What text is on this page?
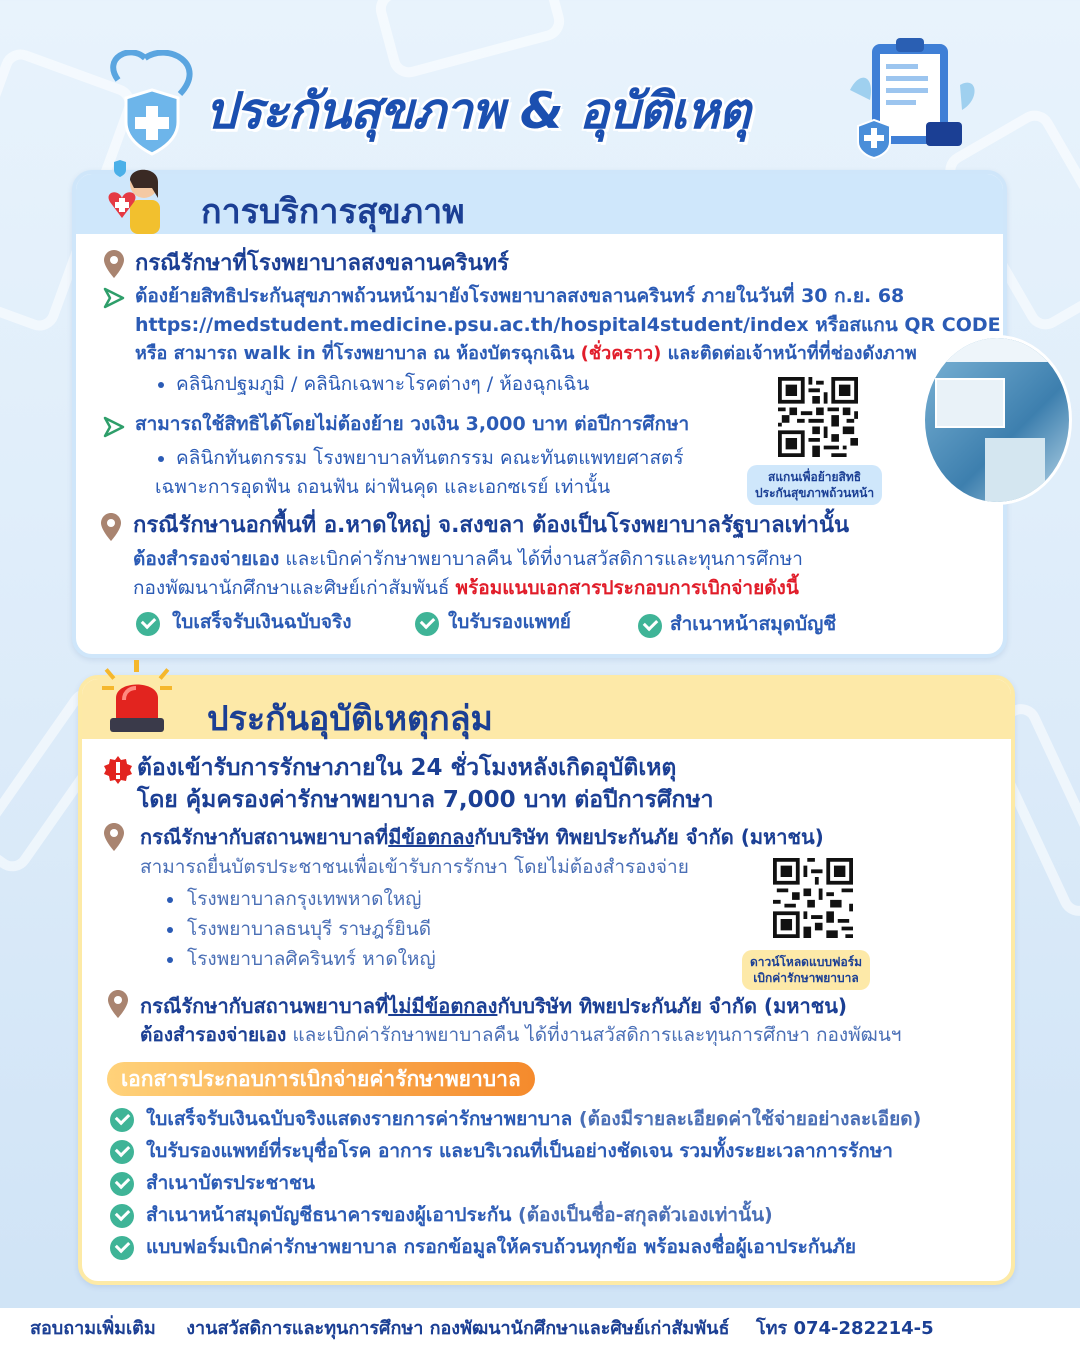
ประกันสุขภาพ & อุบัติเหตุ
การบริการสุขภาพ
กรณีรักษาที่โรงพยาบาลสงขลานครินทร์
ต้องย้ายสิทธิประกันสุขภาพถ้วนหน้ามายังโรงพยาบาลสงขลานครินทร์ ภายในวันที่ 30 ก.ย. 68
https://medstudent.medicine.psu.ac.th/hospital4student/index หรือสแกน QR CODE
หรือ สามารถ walk in ที่โรงพยาบาล ณ ห้องบัตรฉุกเฉิน (ชั่วคราว) และติดต่อเจ้าหน้าที่ที่ช่องดังภาพ
คลินิกปฐมภูมิ / คลินิกเฉพาะโรคต่างๆ / ห้องฉุกเฉิน
สามารถใช้สิทธิได้โดยไม่ต้องย้าย วงเงิน 3,000 บาท ต่อปีการศึกษา
คลินิกทันตกรรม โรงพยาบาลทันตกรรม คณะทันตแพทยศาสตร์
เฉพาะการอุดฟัน ถอนฟัน ผ่าฟันคุด และเอกซเรย์ เท่านั้น	สแกนเพื่อย้ายสิทธิ
ประกันสุขภาพถ้วนหน้า
กรณีรักษานอกพื้นที่ อ.หาดใหญ่ จ.สงขลา ต้องเป็นโรงพยาบาลรัฐบาลเท่านั้น
ต้องสำรองจ่ายเอง และเบิกค่ารักษาพยาบาลคืน ได้ที่งานสวัสดิการและทุนการศึกษา
กองพัฒนานักศึกษาและศิษย์เก่าสัมพันธ์ พร้อมแนบเอกสารประกอบการเบิกจ่ายดังนี้
ใบเสร็จรับเงินฉบับจริง	ใบรับรองแพทย์	สำเนาหน้าสมุดบัญชี
ประกันอุบัติเหตุกลุ่ม
ต้องเข้ารับการรักษาภายใน 24 ชั่วโมงหลังเกิดอุบัติเหตุ
โดย คุ้มครองค่ารักษาพยาบาล 7,000 บาท ต่อปีการศึกษา
กรณีรักษากับสถานพยาบาลที่มีข้อตกลงกับบริษัท ทิพยประกันภัย จำกัด (มหาชน)
สามารถยื่นบัตรประชาชนเพื่อเข้ารับการรักษา โดยไม่ต้องสำรองจ่าย
โรงพยาบาลกรุงเทพหาดใหญ่
โรงพยาบาลธนบุรี ราษฎร์ยินดี
โรงพยาบาลศิครินทร์ หาดใหญ่	ดาวน์โหลดแบบฟอร์ม
เบิกค่ารักษาพยาบาล
กรณีรักษากับสถานพยาบาลที่ไม่มีข้อตกลงกับบริษัท ทิพยประกันภัย จำกัด (มหาชน)
ต้องสำรองจ่ายเอง และเบิกค่ารักษาพยาบาลคืน ได้ที่งานสวัสดิการและทุนการศึกษา กองพัฒนฯ
เอกสารประกอบการเบิกจ่ายค่ารักษาพยาบาล
ใบเสร็จรับเงินฉบับจริงแสดงรายการค่ารักษาพยาบาล (ต้องมีรายละเอียดค่าใช้จ่ายอย่างละเอียด)
ใบรับรองแพทย์ที่ระบุชื่อโรค อาการ และบริเวณที่เป็นอย่างชัดเจน รวมทั้งระยะเวลาการรักษา
สำเนาบัตรประชาชน
สำเนาหน้าสมุดบัญชีธนาคารของผู้เอาประกัน (ต้องเป็นชื่อ-สกุลตัวเองเท่านั้น)
แบบฟอร์มเบิกค่ารักษาพยาบาล กรอกข้อมูลให้ครบถ้วนทุกข้อ พร้อมลงชื่อผู้เอาประกันภัย
สอบถามเพิ่มเติม งานสวัสดิการและทุนการศึกษา กองพัฒนานักศึกษาและศิษย์เก่าสัมพันธ์ โทร 074-282214-5
